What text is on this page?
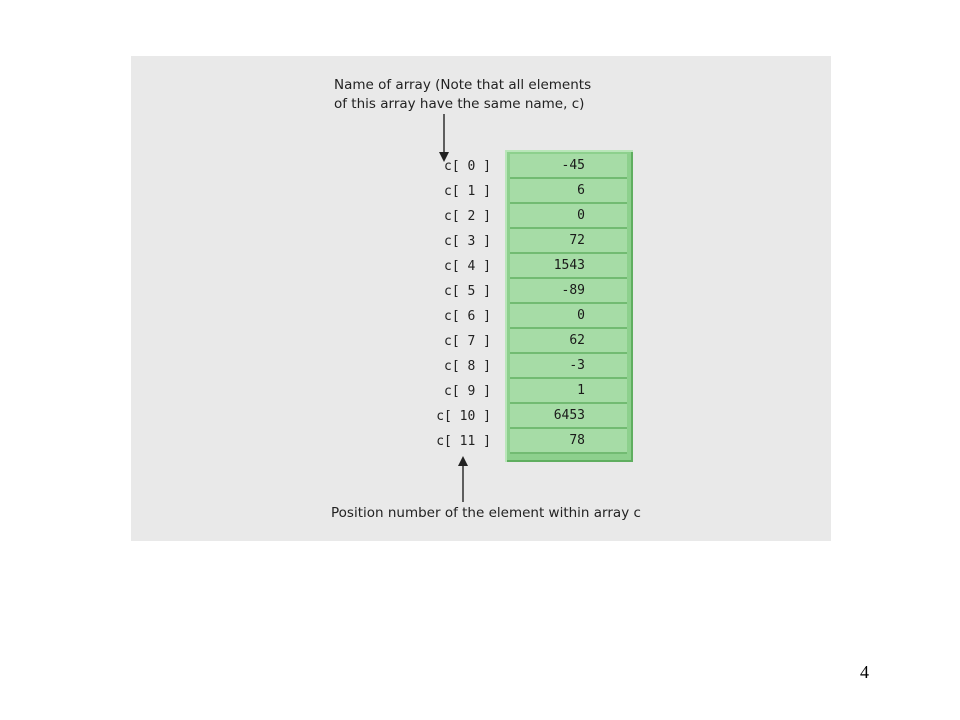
Name of array (Note that all elements
of this array have the same name, c)
c[ 0 ]
c[ 1 ]
c[ 2 ]
c[ 3 ]
c[ 4 ]
c[ 5 ]
c[ 6 ]
c[ 7 ]
c[ 8 ]
c[ 9 ]
c[ 10 ]
c[ 11 ]
-45
6
0
72
1543
-89
0
62
-3
1
6453
78
Position number of the element within array c
4
